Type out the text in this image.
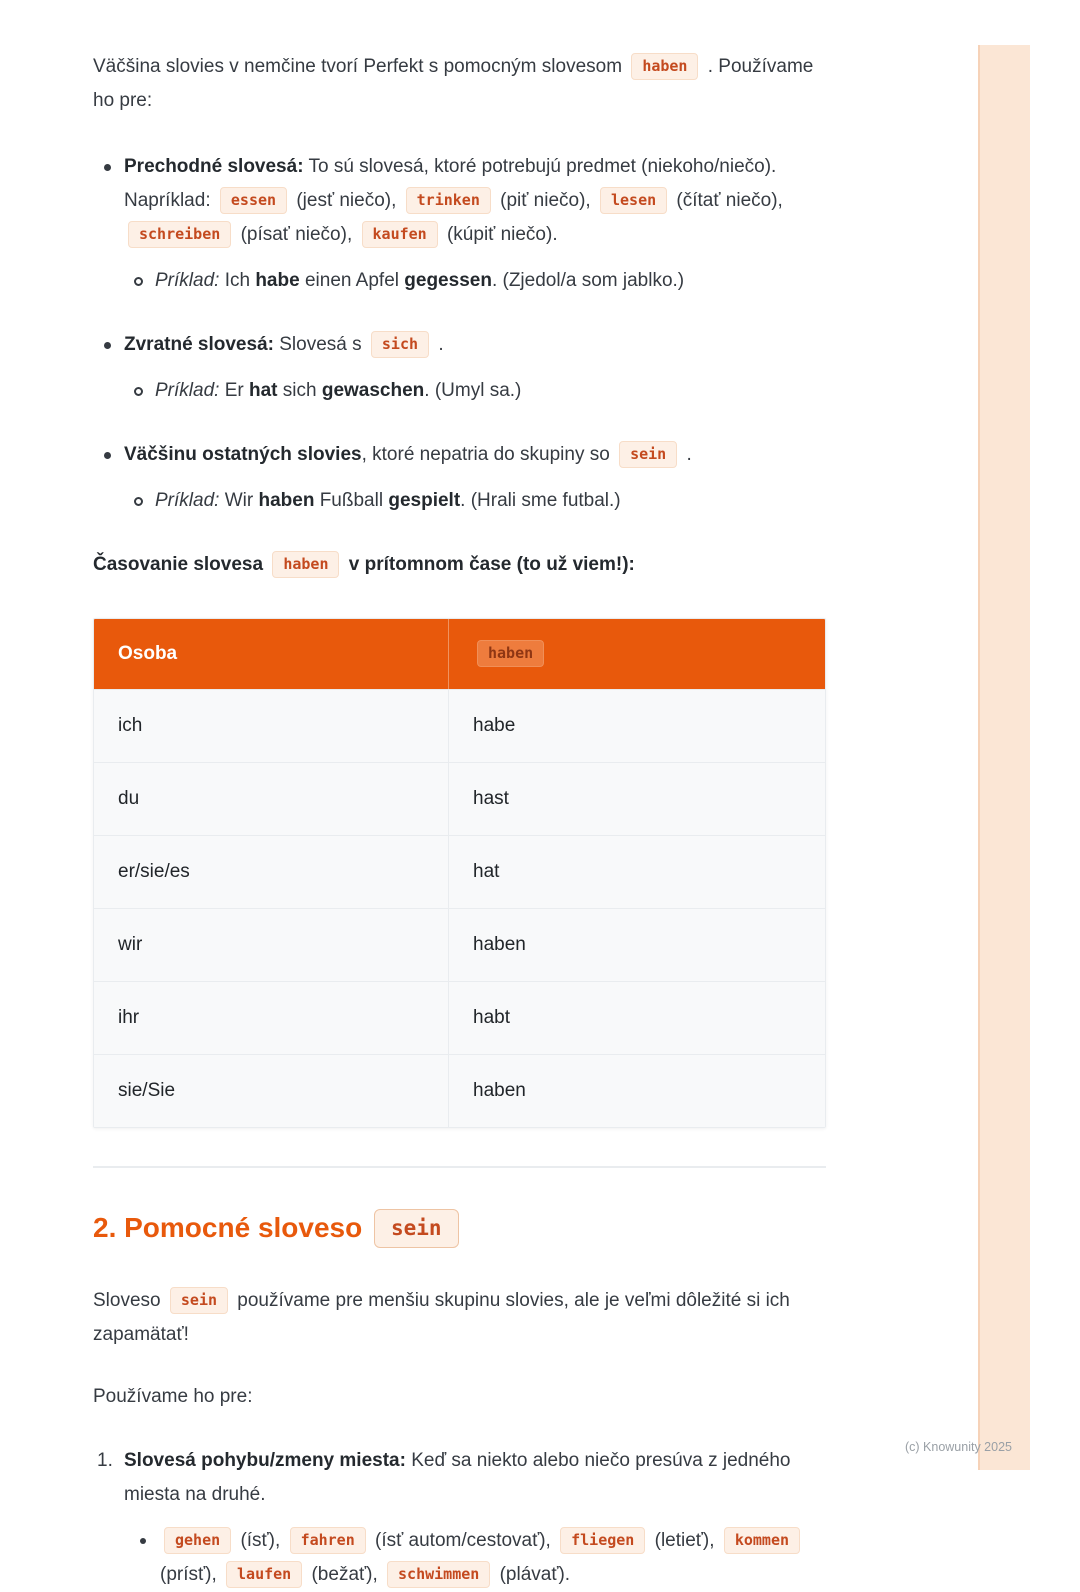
Väčšina slovies v nemčine tvorí Perfekt s pomocným slovesom haben . Používame
ho pre:

Prechodné slovesá: To sú slovesá, ktoré potrebujú predmet (niekoho/niečo).
Napríklad: essen (jesť niečo), trinken (piť niečo), lesen (čítať niečo),
schreiben (písať niečo), kaufen (kúpiť niečo).
Príklad: Ich habe einen Apfel gegessen. (Zjedol/a som jablko.)
Zvratné slovesá: Slovesá s sich .
Príklad: Er hat sich gewaschen. (Umyl sa.)
Väčšinu ostatných slovies, ktoré nepatria do skupiny so sein .
Príklad: Wir haben Fußball gespielt. (Hrali sme futbal.)

Časovanie slovesa haben v prítomnom čase (to už viem!):

Osoba	haben
ich	habe
du	hast
er/sie/es	hat
wir	haben
ihr	habt
sie/Sie	haben
2. Pomocné sloveso sein

Sloveso sein používame pre menšiu skupinu slovies, ale je veľmi dôležité si ich
zapamätať!

Používame ho pre:

1. Slovesá pohybu/zmeny miesta: Keď sa niekto alebo niečo presúva z jedného
miesta na druhé.
gehen (ísť), fahren (ísť autom/cestovať), fliegen (letieť), kommen
(prísť), laufen (bežať), schwimmen (plávať).
(c) Knowunity 2025
